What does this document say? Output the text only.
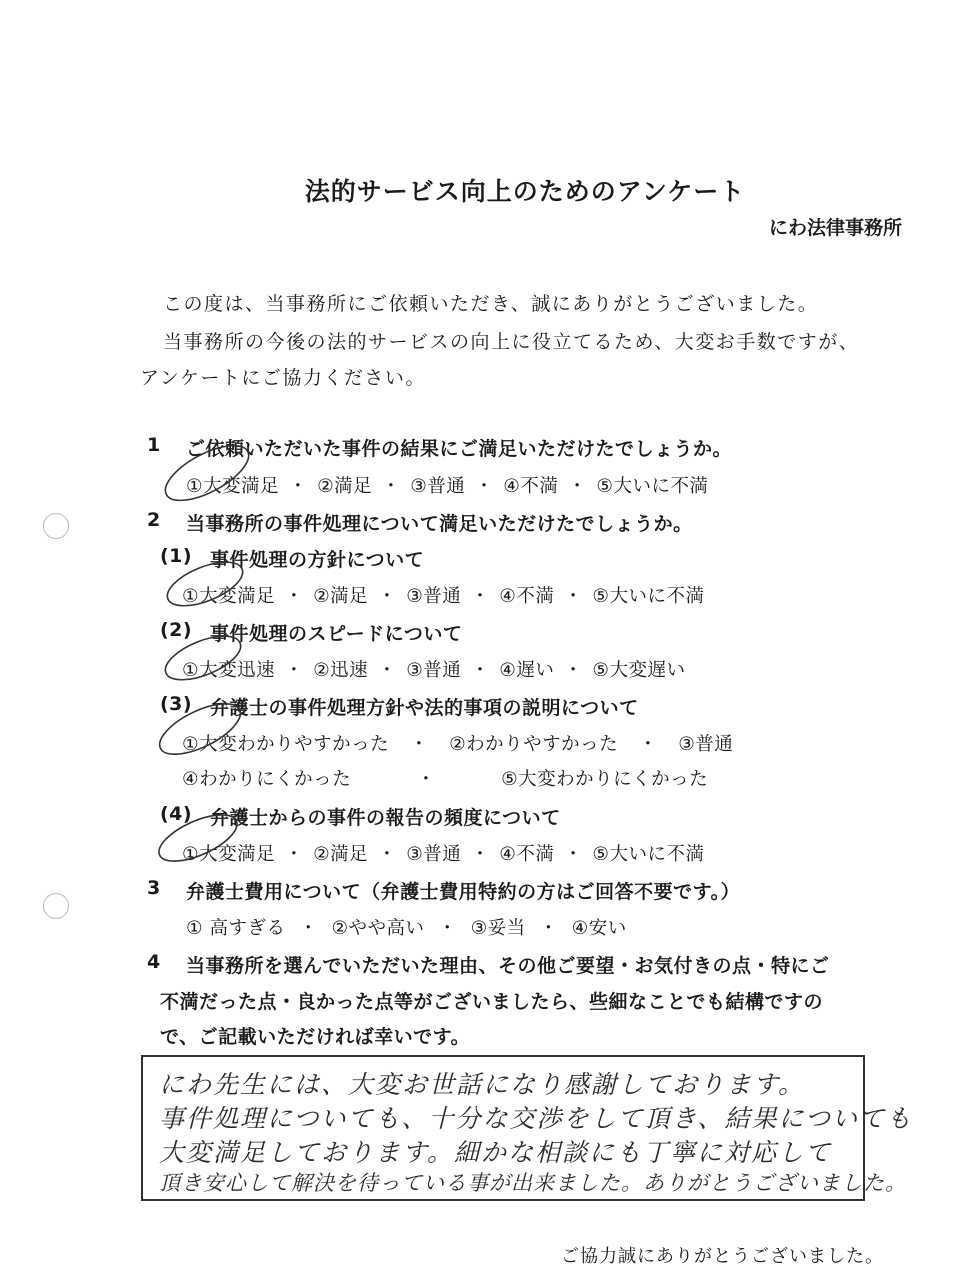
法的サービス向上のためのアンケート
にわ法律事務所
この度は、当事務所にご依頼いただき、誠にありがとうございました。
当事務所の今後の法的サービスの向上に役立てるため、大変お手数ですが、
アンケートにご協力ください。
1 ご依頼いただいた事件の結果にご満足いただけたでしょうか。
①大変満足 ・ ②満足 ・ ③普通 ・ ④不満 ・ ⑤大いに不満
2 当事務所の事件処理について満足いただけたでしょうか。
(1) 事件処理の方針について
①大変満足 ・ ②満足 ・ ③普通 ・ ④不満 ・ ⑤大いに不満
(2) 事件処理のスピードについて
①大変迅速 ・ ②迅速 ・ ③普通 ・ ④遅い ・ ⑤大変遅い
(3) 弁護士の事件処理方針や法的事項の説明について
①大変わかりやすかった ・ ②わかりやすかった ・ ③普通
④わかりにくかった	・	⑤大変わかりにくかった
(4) 弁護士からの事件の報告の頻度について
①大変満足 ・ ②満足 ・ ③普通 ・ ④不満 ・ ⑤大いに不満
3 弁護士費用について（弁護士費用特約の方はご回答不要です。）
① 高すぎる ・ ②やや高い ・ ③妥当 ・ ④安い
4 当事務所を選んでいただいた理由、その他ご要望・お気付きの点・特にご
不満だった点・良かった点等がございましたら、些細なことでも結構ですの
で、ご記載いただければ幸いです。
にわ先生には、大変お世話になり感謝しております。
事件処理についても、十分な交渉をして頂き、結果についても
大変満足しております。細かな相談にも丁寧に対応して
頂き安心して解決を待っている事が出来ました。ありがとうございました。
ご協力誠にありがとうございました。
